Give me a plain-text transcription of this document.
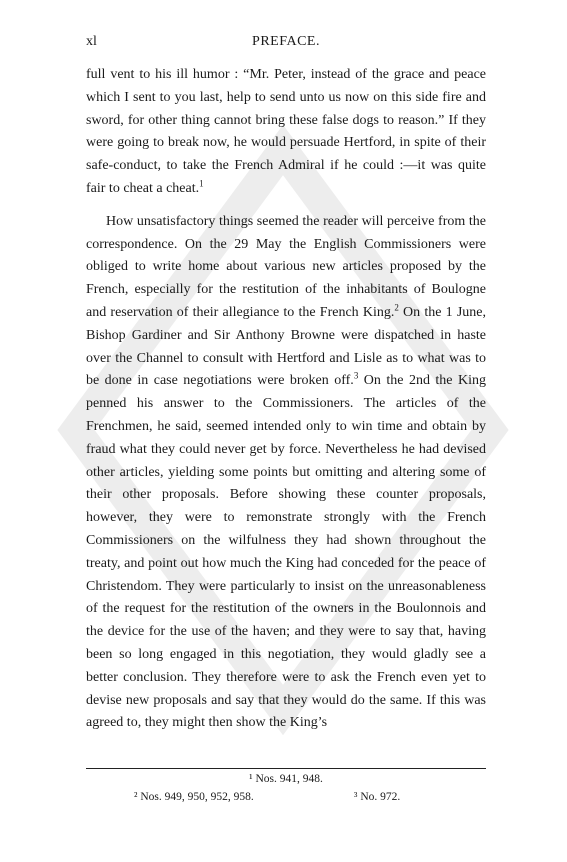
xl	PREFACE.

full vent to his ill humor : “Mr. Peter, instead of the grace and peace which I sent to you last, help to send unto us now on this side fire and sword, for other thing cannot bring these false dogs to reason.” If they were going to break now, he would persuade Hertford, in spite of their safe-conduct, to take the French Admiral if he could :—it was quite fair to cheat a cheat.$^1$

How unsatisfactory things seemed the reader will perceive from the correspondence. On the 29 May the English Commissioners were obliged to write home about various new articles proposed by the French, especially for the restitution of the inhabitants of Boulogne and reservation of their allegiance to the French King.$^2$ On the 1 June, Bishop Gardiner and Sir Anthony Browne were dispatched in haste over the Channel to consult with Hertford and Lisle as to what was to be done in case negotiations were broken off.$^3$ On the 2nd the King penned his answer to the Commissioners. The articles of the Frenchmen, he said, seemed intended only to win time and obtain by fraud what they could never get by force. Nevertheless he had devised other articles, yielding some points but omitting and altering some of their other proposals. Before showing these counter proposals, however, they were to remonstrate strongly with the French Commissioners on the wilfulness they had shown throughout the treaty, and point out how much the King had conceded for the peace of Christendom. They were particularly to insist on the unreasonableness of the request for the restitution of the owners in the Boulonnois and the device for the use of the haven; and they were to say that, having been so long engaged in this negotiation, they would gladly see a better conclusion. They therefore were to ask the French even yet to devise new proposals and say that they would do the same. If this was agreed to, they might then show the King’s

¹ Nos. 941, 948.
² Nos. 949, 950, 952, 958.	³ No. 972.
